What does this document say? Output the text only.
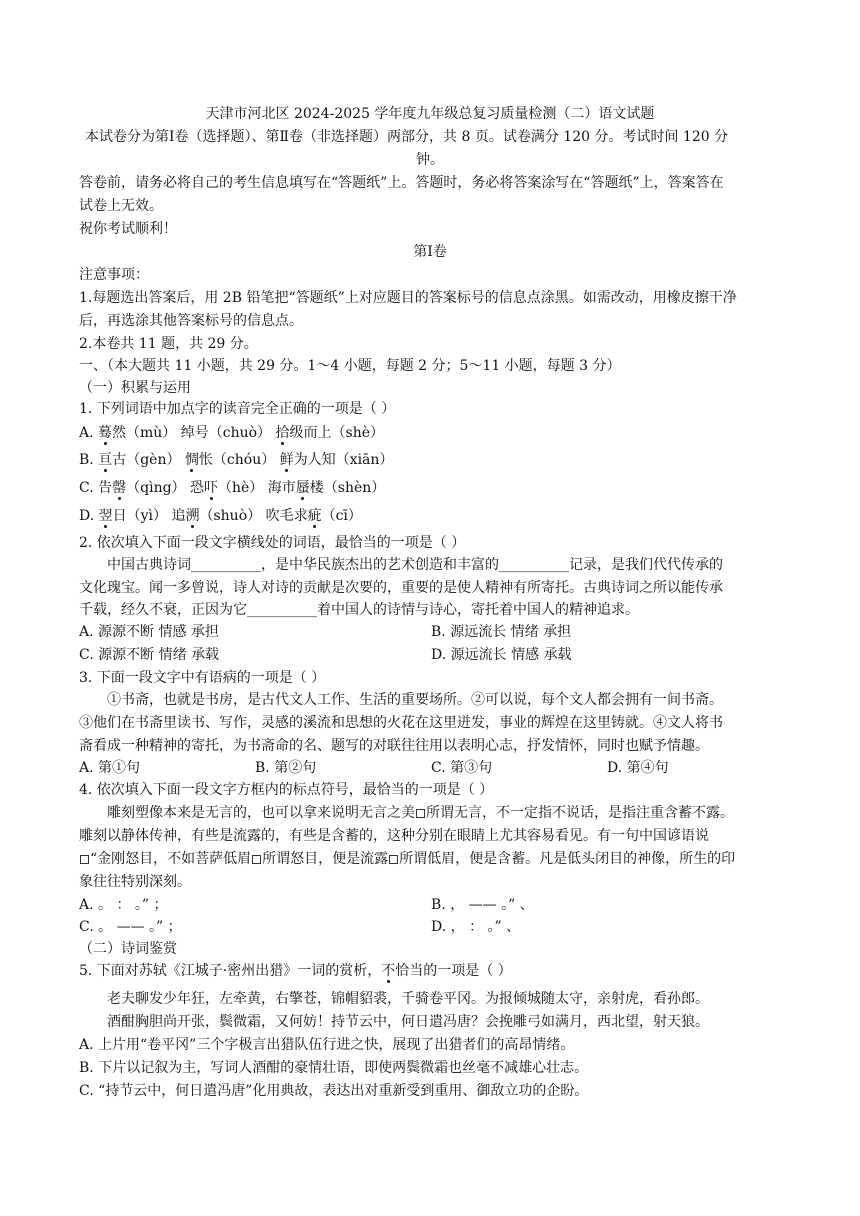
天津市河北区 2024-2025 学年度九年级总复习质量检测（二）语文试题

本试卷分为第Ⅰ卷（选择题）、第Ⅱ卷（非选择题）两部分，共 8 页。试卷满分 120 分。考试时间 120 分

钟。

答卷前，请务必将自己的考生信息填写在“答题纸”上。答题时，务必将答案涂写在“答题纸”上，答案答在

试卷上无效。

祝你考试顺利！

第Ⅰ卷

注意事项：

1.每题选出答案后，用 2B 铅笔把“答题纸”上对应题目的答案标号的信息点涂黑。如需改动，用橡皮擦干净

后，再选涂其他答案标号的信息点。

2.本卷共 11 题，共 29 分。

一、（本大题共 11 小题，共 29 分。1～4 小题，每题 2 分；5～11 小题，每题 3 分）

（一）积累与运用

1. 下列词语中加点字的读音完全正确的一项是（ ）

A. 蓦然（mù） 绰号（chuò） 拾级而上（shè）

B. 亘古（gèn） 惆怅（chóu） 鲜为人知（xiān）

C. 告罄（qìng） 恐吓（hè） 海市蜃楼（shèn）

D. 翌日（yì） 追溯（shuò） 吹毛求疵（cī）

2. 依次填入下面一段文字横线处的词语，最恰当的一项是（ ）

中国古典诗词__________，是中华民族杰出的艺术创造和丰富的__________记录，是我们代代传承的

文化瑰宝。闻一多曾说，诗人对诗的贡献是次要的，重要的是使人精神有所寄托。古典诗词之所以能传承

千载，经久不衰，正因为它__________着中国人的诗情与诗心，寄托着中国人的精神追求。

A. 源源不断 情感 承担	B. 源远流长 情绪 承担

C. 源源不断 情绪 承载	D. 源远流长 情感 承载

3. 下面一段文字中有语病的一项是（ ）

①书斋，也就是书房，是古代文人工作、生活的重要场所。②可以说，每个文人都会拥有一间书斋。

③他们在书斋里读书、写作，灵感的溪流和思想的火花在这里迸发，事业的辉煌在这里铸就。④文人将书

斋看成一种精神的寄托，为书斋命的名、题写的对联往往用以表明心志，抒发情怀，同时也赋予情趣。

A. 第①句	B. 第②句	C. 第③句	D. 第④句

4. 依次填入下面一段文字方框内的标点符号，最恰当的一项是（ ）

雕刻塑像本来是无言的，也可以拿来说明无言之美 所谓无言，不一定指不说话，是指注重含蓄不露。

雕刻以静体传神，有些是流露的，有些是含蓄的，这种分别在眼睛上尤其容易看见。有一句中国谚语说

“金刚怒目，不如菩萨低眉 所谓怒目，便是流露 所谓低眉，便是含蓄。凡是低头闭目的神像，所生的印

象往往特别深刻。

A. 。 ： 。” ；	B. ， —— 。” 、

C. 。 —— 。” ；	D. ， ： 。” 、

（二）诗词鉴赏

5. 下面对苏轼《江城子·密州出猎》一词的赏析，不恰当的一项是（ ）

老夫聊发少年狂，左牵黄，右擎苍，锦帽貂裘，千骑卷平冈。为报倾城随太守，亲射虎，看孙郎。

酒酣胸胆尚开张，鬓微霜，又何妨！持节云中，何日遣冯唐？会挽雕弓如满月，西北望，射天狼。

A. 上片用“卷平冈”三个字极言出猎队伍行进之快，展现了出猎者们的高昂情绪。

B. 下片以记叙为主，写词人酒酣的豪情壮语，即使两鬓微霜也丝毫不减雄心壮志。

C. “持节云中，何日遣冯唐”化用典故，表达出对重新受到重用、御敌立功的企盼。
